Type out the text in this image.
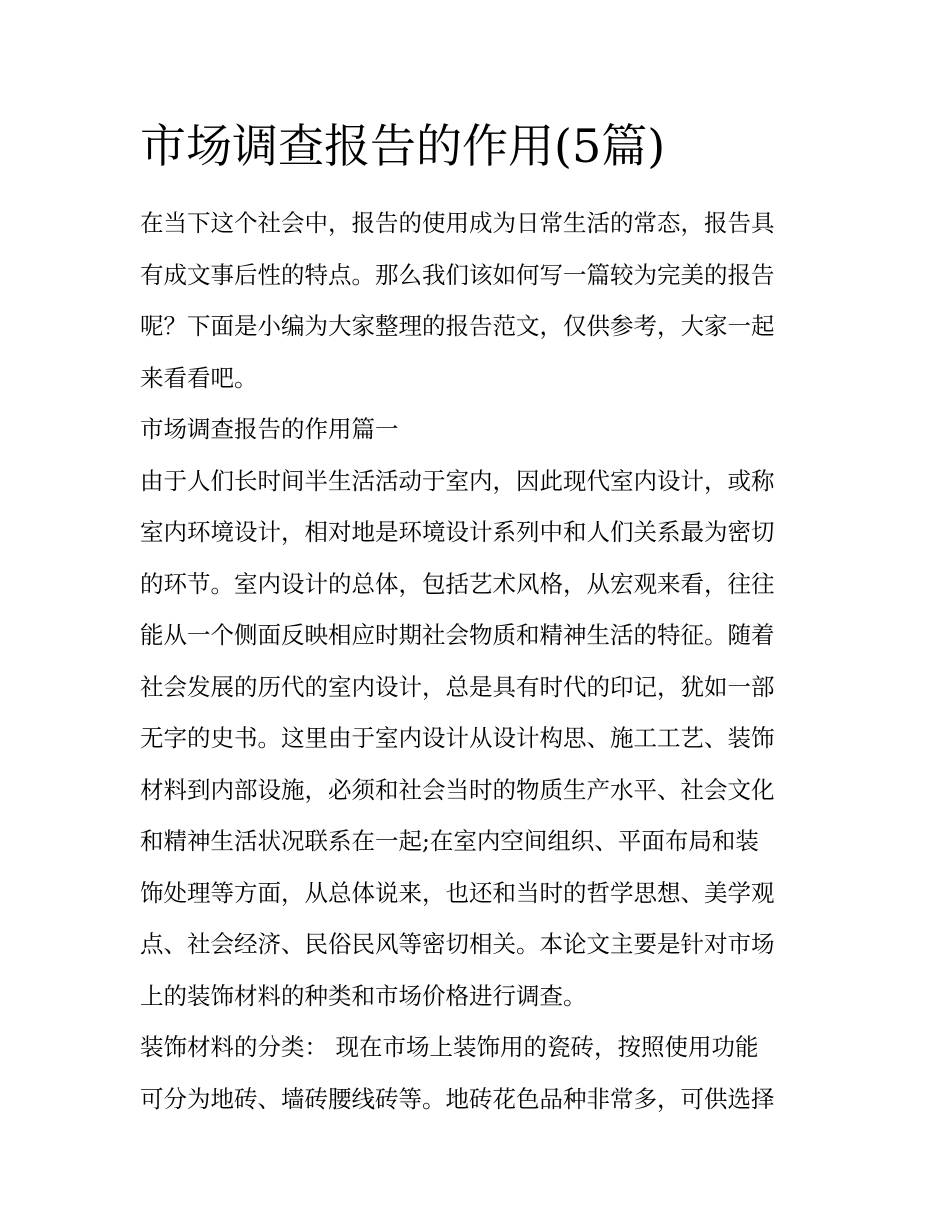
市场调查报告的作用(5篇)
在当下这个社会中，报告的使用成为日常生活的常态，报告具
有成文事后性的特点。那么我们该如何写一篇较为完美的报告
呢？下面是小编为大家整理的报告范文，仅供参考，大家一起
来看看吧。
市场调查报告的作用篇一
由于人们长时间半生活活动于室内，因此现代室内设计，或称
室内环境设计，相对地是环境设计系列中和人们关系最为密切
的环节。室内设计的总体，包括艺术风格，从宏观来看，往往
能从一个侧面反映相应时期社会物质和精神生活的特征。随着
社会发展的历代的室内设计，总是具有时代的印记，犹如一部
无字的史书。这里由于室内设计从设计构思、施工工艺、装饰
材料到内部设施，必须和社会当时的物质生产水平、社会文化
和精神生活状况联系在一起;在室内空间组织、平面布局和装
饰处理等方面，从总体说来，也还和当时的哲学思想、美学观
点、社会经济、民俗民风等密切相关。本论文主要是针对市场
上的装饰材料的种类和市场价格进行调查。
装饰材料的分类： 现在市场上装饰用的瓷砖，按照使用功能
可分为地砖、墙砖腰线砖等。地砖花色品种非常多，可供选择
